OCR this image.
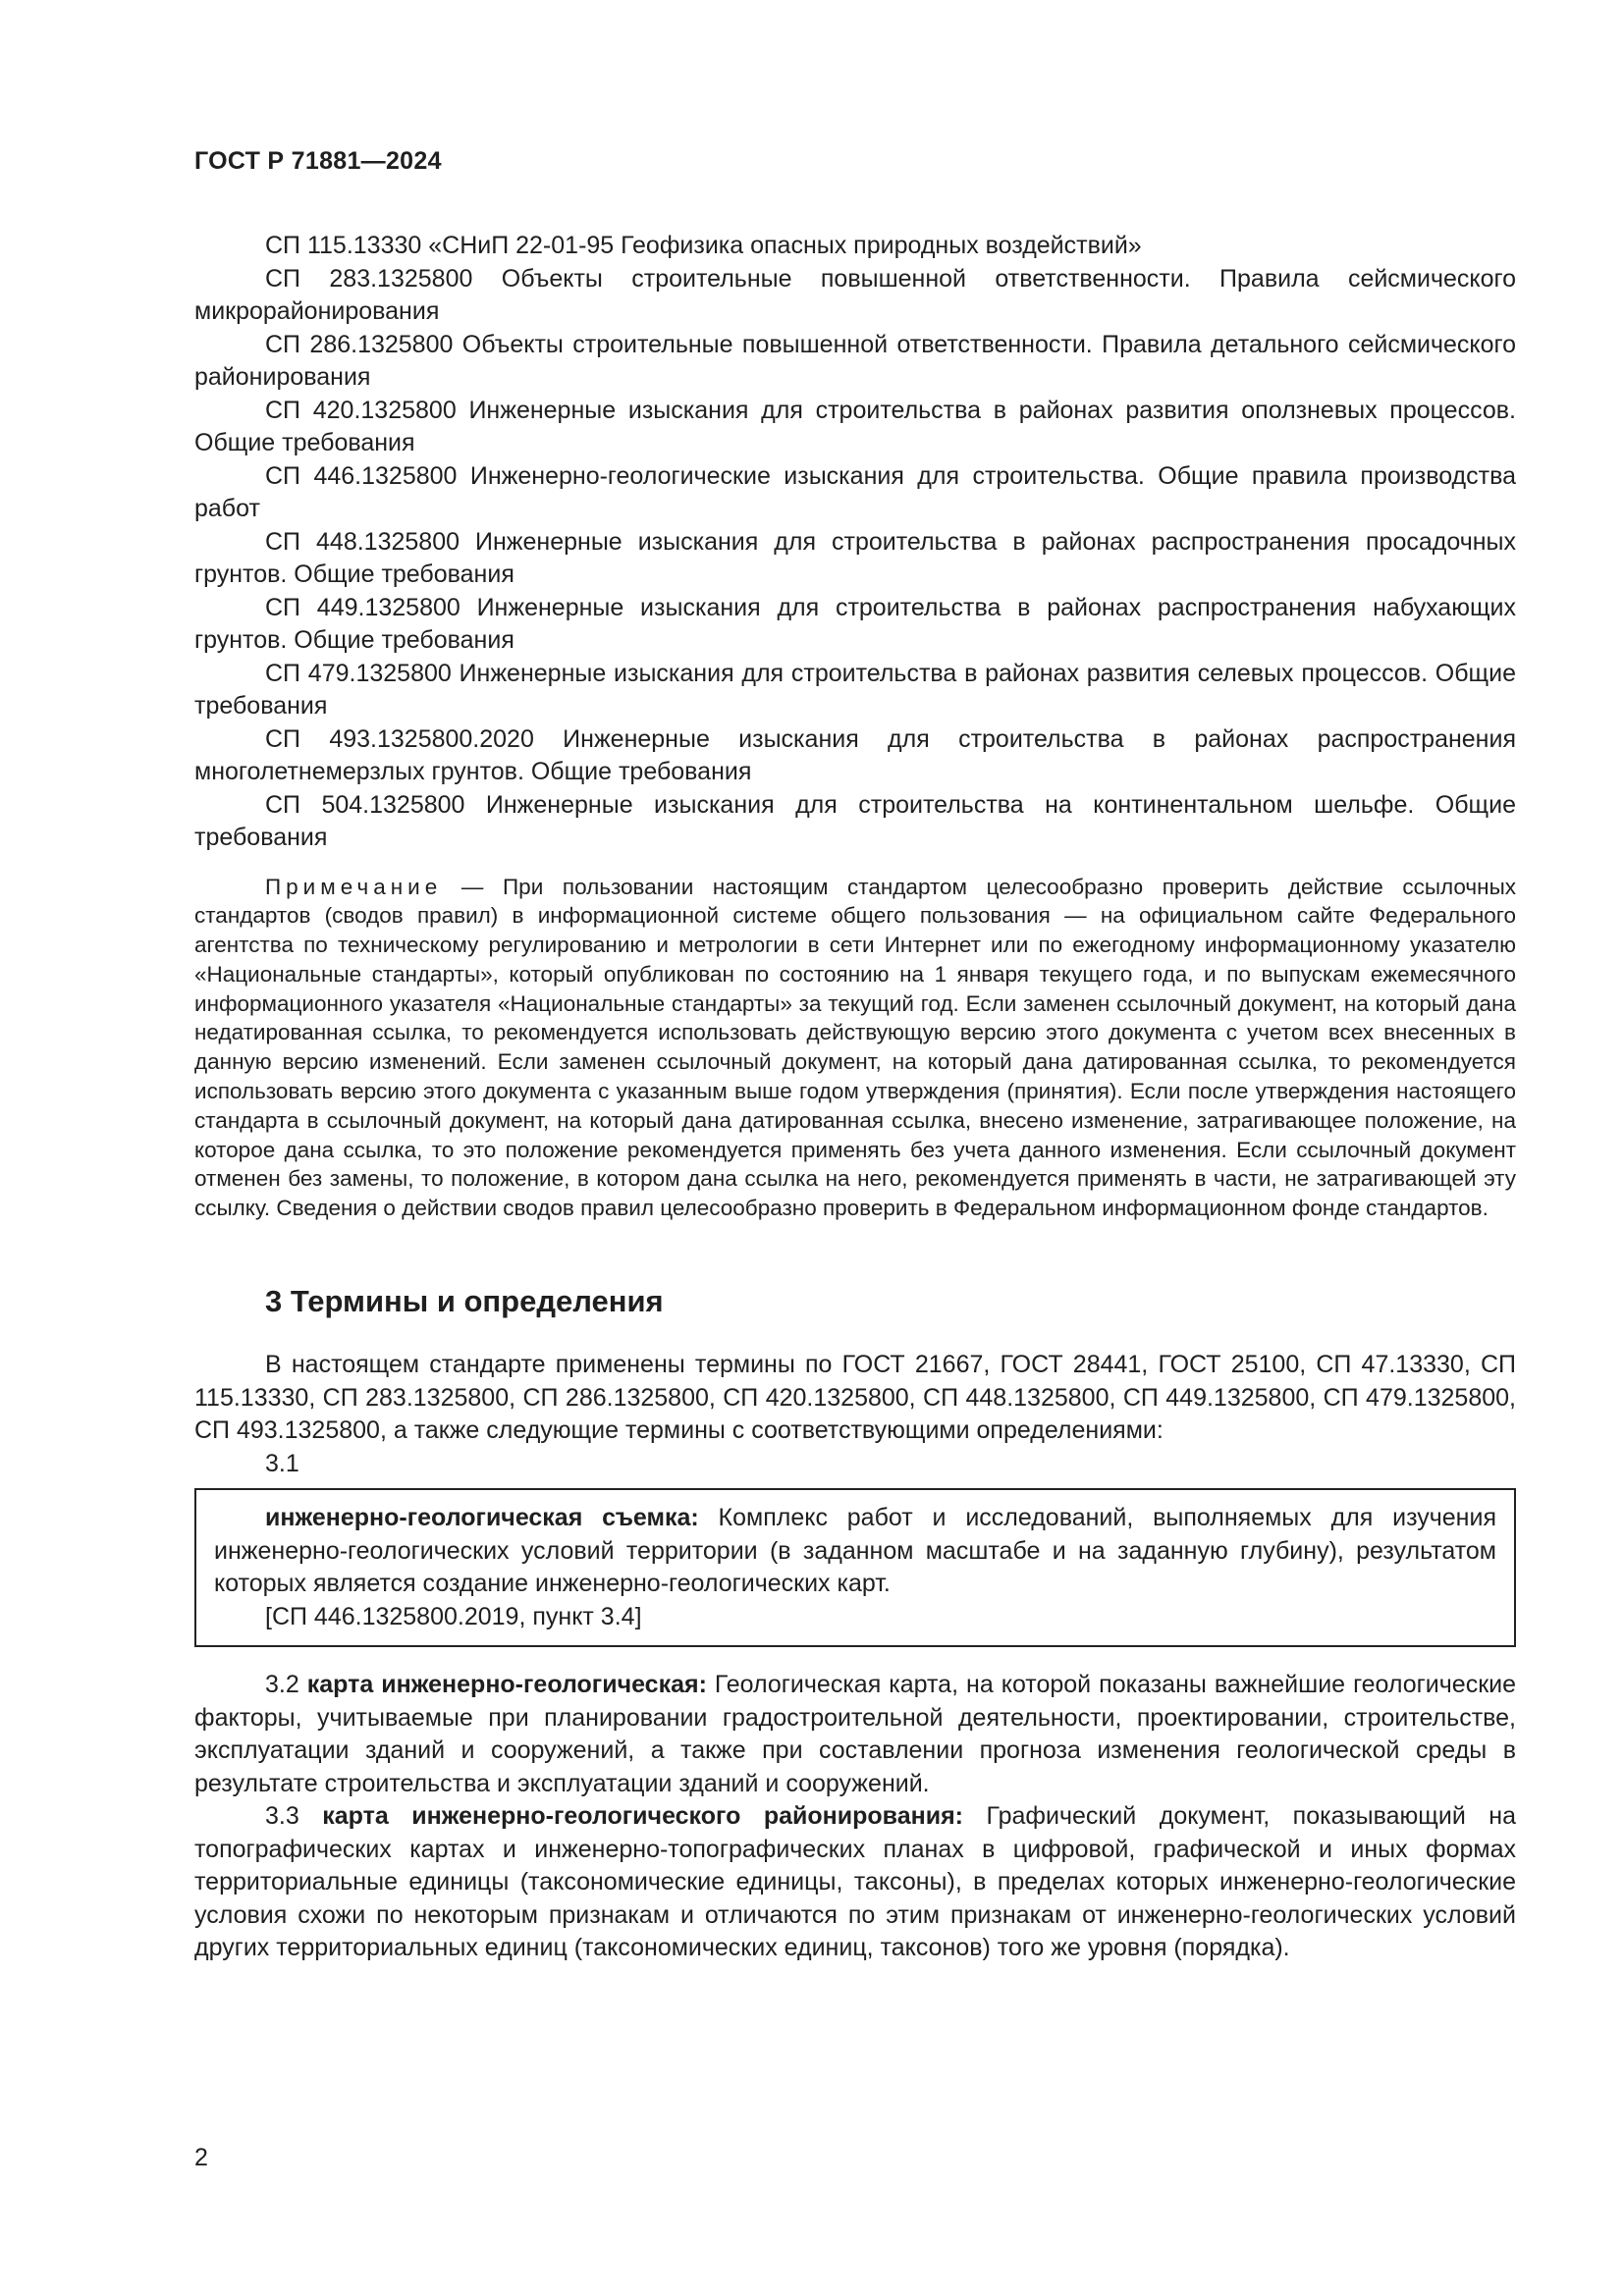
ГОСТ Р 71881—2024

СП 115.13330 «СНиП 22-01-95 Геофизика опасных природных воздействий»

СП 283.1325800 Объекты строительные повышенной ответственности. Правила сейсмического микрорайонирования

СП 286.1325800 Объекты строительные повышенной ответственности. Правила детального сейсмического районирования

СП 420.1325800 Инженерные изыскания для строительства в районах развития оползневых процессов. Общие требования

СП 446.1325800 Инженерно-геологические изыскания для строительства. Общие правила производства работ

СП 448.1325800 Инженерные изыскания для строительства в районах распространения просадочных грунтов. Общие требования

СП 449.1325800 Инженерные изыскания для строительства в районах распространения набухающих грунтов. Общие требования

СП 479.1325800 Инженерные изыскания для строительства в районах развития селевых процессов. Общие требования

СП 493.1325800.2020 Инженерные изыскания для строительства в районах распространения многолетнемерзлых грунтов. Общие требования

СП 504.1325800 Инженерные изыскания для строительства на континентальном шельфе. Общие требования

Примечание — При пользовании настоящим стандартом целесообразно проверить действие ссылочных стандартов (сводов правил) в информационной системе общего пользования — на официальном сайте Федерального агентства по техническому регулированию и метрологии в сети Интернет или по ежегодному информационному указателю «Национальные стандарты», который опубликован по состоянию на 1 января текущего года, и по выпускам ежемесячного информационного указателя «Национальные стандарты» за текущий год. Если заменен ссылочный документ, на который дана недатированная ссылка, то рекомендуется использовать действующую версию этого документа с учетом всех внесенных в данную версию изменений. Если заменен ссылочный документ, на который дана датированная ссылка, то рекомендуется использовать версию этого документа с указанным выше годом утверждения (принятия). Если после утверждения настоящего стандарта в ссылочный документ, на который дана датированная ссылка, внесено изменение, затрагивающее положение, на которое дана ссылка, то это положение рекомендуется применять без учета данного изменения. Если ссылочный документ отменен без замены, то положение, в котором дана ссылка на него, рекомендуется применять в части, не затрагивающей эту ссылку. Сведения о действии сводов правил целесообразно проверить в Федеральном информационном фонде стандартов.
3 Термины и определения

В настоящем стандарте применены термины по ГОСТ 21667, ГОСТ 28441, ГОСТ 25100, СП 47.13330, СП 115.13330, СП 283.1325800, СП 286.1325800, СП 420.1325800, СП 448.1325800, СП 449.1325800, СП 479.1325800, СП 493.1325800, а также следующие термины с соответствующими определениями:

3.1

инженерно-геологическая съемка: Комплекс работ и исследований, выполняемых для изучения инженерно-геологических условий территории (в заданном масштабе и на заданную глубину), результатом которых является создание инженерно-геологических карт.

[СП 446.1325800.2019, пункт 3.4]

3.2 карта инженерно-геологическая: Геологическая карта, на которой показаны важнейшие геологические факторы, учитываемые при планировании градостроительной деятельности, проектировании, строительстве, эксплуатации зданий и сооружений, а также при составлении прогноза изменения геологической среды в результате строительства и эксплуатации зданий и сооружений.

3.3 карта инженерно-геологического районирования: Графический документ, показывающий на топографических картах и инженерно-топографических планах в цифровой, графической и иных формах территориальные единицы (таксономические единицы, таксоны), в пределах которых инженерно-геологические условия схожи по некоторым признакам и отличаются по этим признакам от инженерно-геологических условий других территориальных единиц (таксономических единиц, таксонов) того же уровня (порядка).

2
